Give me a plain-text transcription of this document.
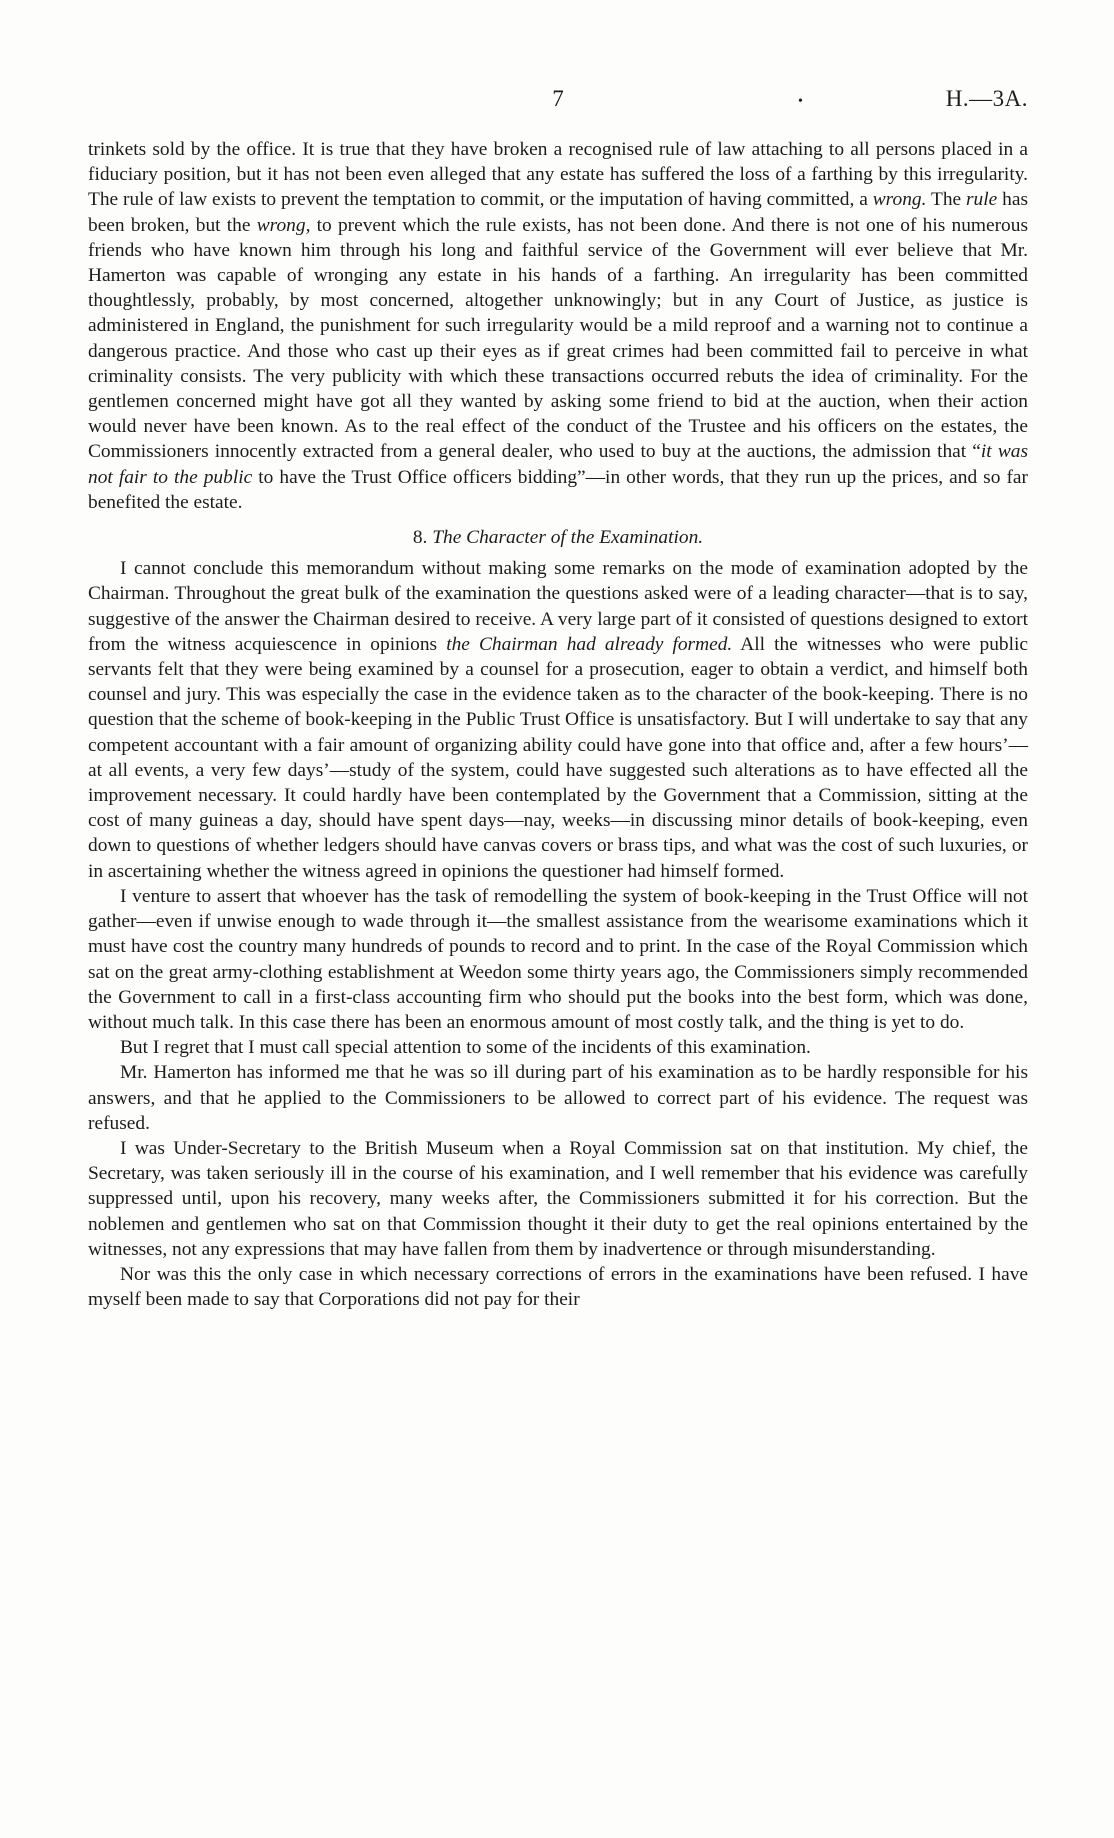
7	•	H.—3A.

trinkets sold by the office. It is true that they have broken a recognised rule of law attaching to all persons placed in a fiduciary position, but it has not been even alleged that any estate has suffered the loss of a farthing by this irregularity. The rule of law exists to prevent the temptation to commit, or the imputation of having committed, a wrong. The rule has been broken, but the wrong, to prevent which the rule exists, has not been done. And there is not one of his numerous friends who have known him through his long and faithful service of the Government will ever believe that Mr. Hamerton was capable of wronging any estate in his hands of a farthing. An irregularity has been committed thoughtlessly, probably, by most concerned, altogether unknowingly; but in any Court of Justice, as justice is administered in England, the punishment for such irregularity would be a mild reproof and a warning not to continue a dangerous practice. And those who cast up their eyes as if great crimes had been committed fail to perceive in what criminality consists. The very publicity with which these transactions occurred rebuts the idea of criminality. For the gentlemen concerned might have got all they wanted by asking some friend to bid at the auction, when their action would never have been known. As to the real effect of the conduct of the Trustee and his officers on the estates, the Commissioners innocently extracted from a general dealer, who used to buy at the auctions, the admission that “it was not fair to the public to have the Trust Office officers bidding”—in other words, that they run up the prices, and so far benefited the estate.

8. The Character of the Examination.

I cannot conclude this memorandum without making some remarks on the mode of examination adopted by the Chairman. Throughout the great bulk of the examination the questions asked were of a leading character—that is to say, suggestive of the answer the Chairman desired to receive. A very large part of it consisted of questions designed to extort from the witness acquiescence in opinions the Chairman had already formed. All the witnesses who were public servants felt that they were being examined by a counsel for a prosecution, eager to obtain a verdict, and himself both counsel and jury. This was especially the case in the evidence taken as to the character of the book-keeping. There is no question that the scheme of book-keeping in the Public Trust Office is unsatisfactory. But I will undertake to say that any competent accountant with a fair amount of organizing ability could have gone into that office and, after a few hours’—at all events, a very few days’—study of the system, could have suggested such alterations as to have effected all the improvement necessary. It could hardly have been contemplated by the Government that a Commission, sitting at the cost of many guineas a day, should have spent days—nay, weeks—in discussing minor details of book-keeping, even down to questions of whether ledgers should have canvas covers or brass tips, and what was the cost of such luxuries, or in ascertaining whether the witness agreed in opinions the questioner had himself formed.

I venture to assert that whoever has the task of remodelling the system of book-keeping in the Trust Office will not gather—even if unwise enough to wade through it—the smallest assistance from the wearisome examinations which it must have cost the country many hundreds of pounds to record and to print. In the case of the Royal Commission which sat on the great army-clothing establishment at Weedon some thirty years ago, the Commissioners simply recommended the Government to call in a first-class accounting firm who should put the books into the best form, which was done, without much talk. In this case there has been an enormous amount of most costly talk, and the thing is yet to do.

But I regret that I must call special attention to some of the incidents of this examination.

Mr. Hamerton has informed me that he was so ill during part of his examination as to be hardly responsible for his answers, and that he applied to the Commissioners to be allowed to correct part of his evidence. The request was refused.

I was Under-Secretary to the British Museum when a Royal Commission sat on that institution. My chief, the Secretary, was taken seriously ill in the course of his examination, and I well remember that his evidence was carefully suppressed until, upon his recovery, many weeks after, the Commissioners submitted it for his correction. But the noblemen and gentlemen who sat on that Commission thought it their duty to get the real opinions entertained by the witnesses, not any expressions that may have fallen from them by inadvertence or through misunderstanding.

Nor was this the only case in which necessary corrections of errors in the examinations have been refused. I have myself been made to say that Corporations did not pay for their
